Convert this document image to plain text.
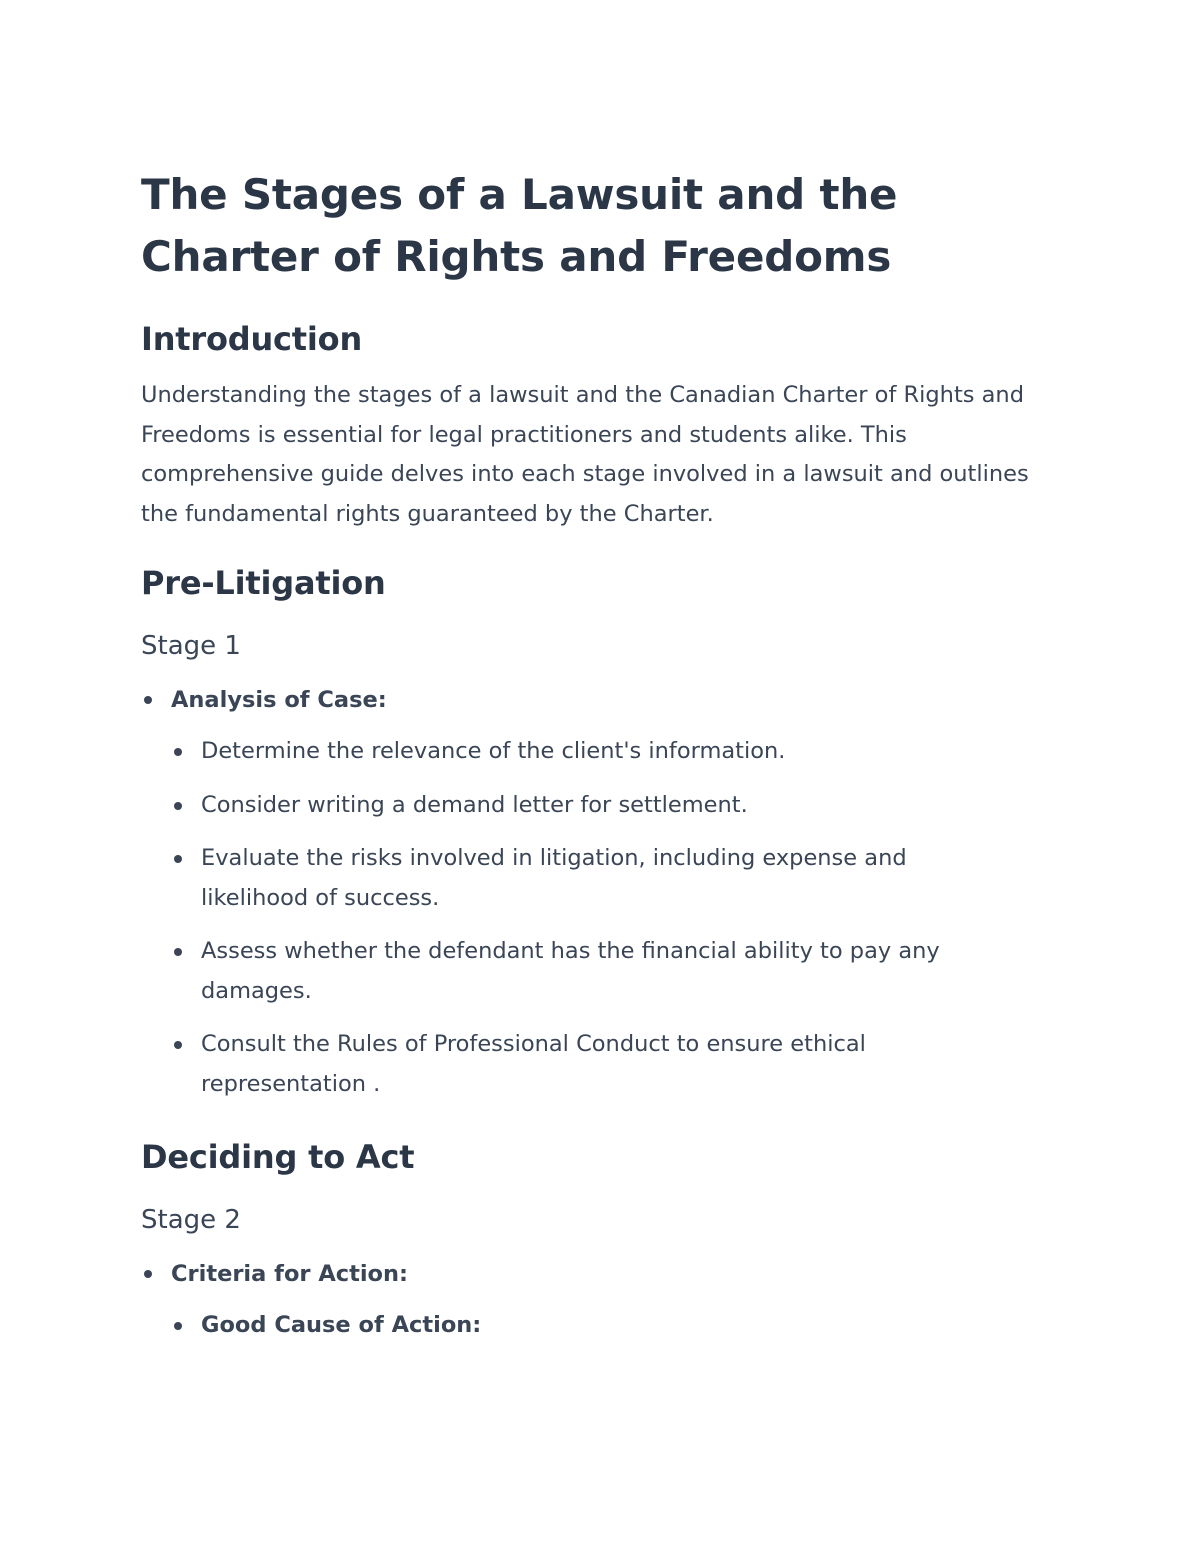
The Stages of a Lawsuit and the Charter of Rights and Freedoms
Introduction

Understanding the stages of a lawsuit and the Canadian Charter of Rights and Freedoms is essential for legal practitioners and students alike. This comprehensive guide delves into each stage involved in a lawsuit and outlines the fundamental rights guaranteed by the Charter.

Pre-Litigation
Stage 1
Analysis of Case:
Determine the relevance of the client's information.
Consider writing a demand letter for settlement.
Evaluate the risks involved in litigation, including expense and likelihood of success.
Assess whether the defendant has the financial ability to pay any damages.
Consult the Rules of Professional Conduct to ensure ethical representation .
Deciding to Act
Stage 2
Criteria for Action:
Good Cause of Action:
